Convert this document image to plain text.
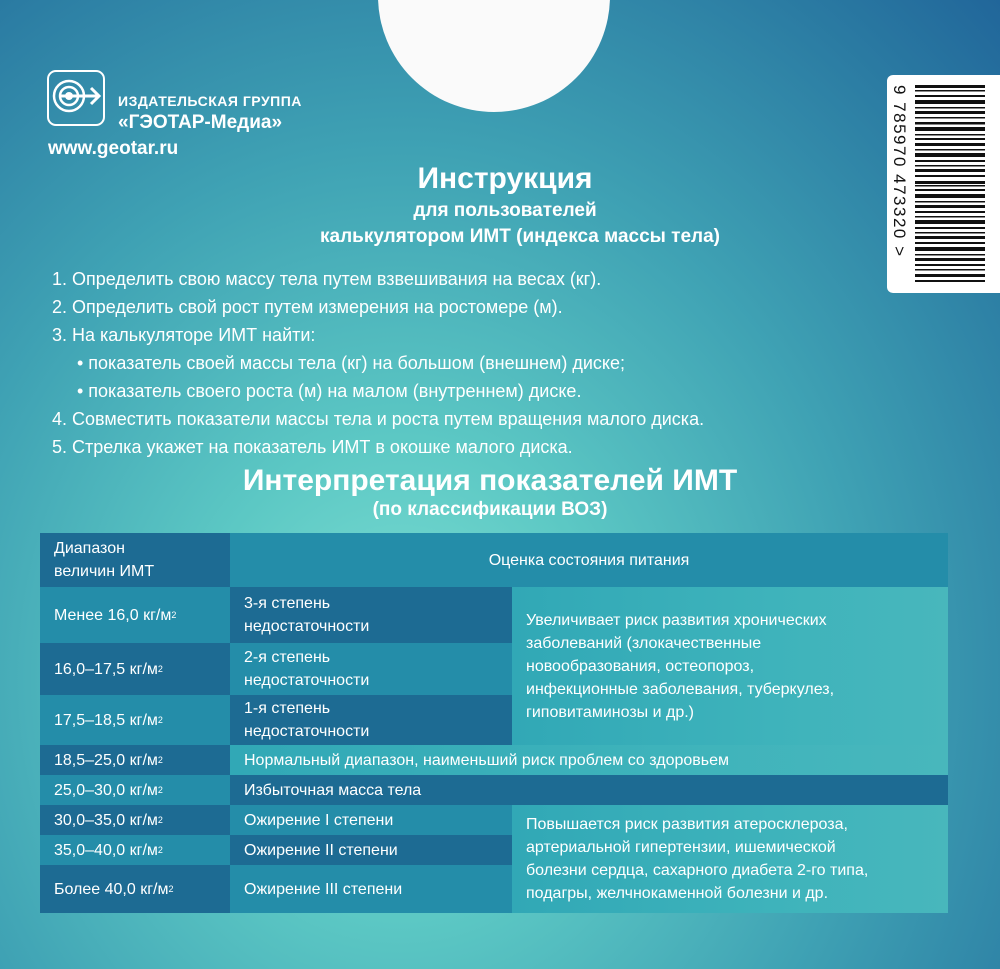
ИЗДАТЕЛЬСКАЯ ГРУППА
«ГЭОТАР-Медиа»
www.geotar.ru	9 785970 473320 >
Инструкция
для пользователей
калькулятором ИМТ (индекса массы тела)
1. Определить свою массу тела путем взвешивания на весах (кг).
2. Определить свой рост путем измерения на ростомере (м).
3. На калькуляторе ИМТ найти:
• показатель своей массы тела (кг) на большом (внешнем) диске;
• показатель своего роста (м) на малом (внутреннем) диске.
4. Совместить показатели массы тела и роста путем вращения малого диска.
5. Стрелка укажет на показатель ИМТ в окошке малого диска.
Интерпретация показателей ИМТ
(по классификации ВОЗ)
Диапазон
величин ИМТ
Оценка состояния питания
Менее 16,0
кг/м 2
16,0–17,5
кг/м 2
17,5–18,5
кг/м 2
18,5–25,0
кг/м 2
25,0–30,0
кг/м 2
30,0–35,0
кг/м 2
35,0–40,0
кг/м 2
Более 40,0
кг/м 2
3-я степень
недостаточности
2-я степень
недостаточности
1-я степень
недостаточности
Нормальный диапазон, наименьший риск проблем со здоровьем
Избыточная масса тела
Ожирение I степени
Ожирение II степени
Ожирение III степени
Увеличивает риск развития хронических
заболеваний (злокачественные
новообразования, остеопороз,
инфекционные заболевания, туберкулез,
гиповитаминозы и др.)
Повышается риск развития атеросклероза,
артериальной гипертензии, ишемической
болезни сердца, сахарного диабета 2-го типа,
подагры, желчнокаменной болезни и др.
